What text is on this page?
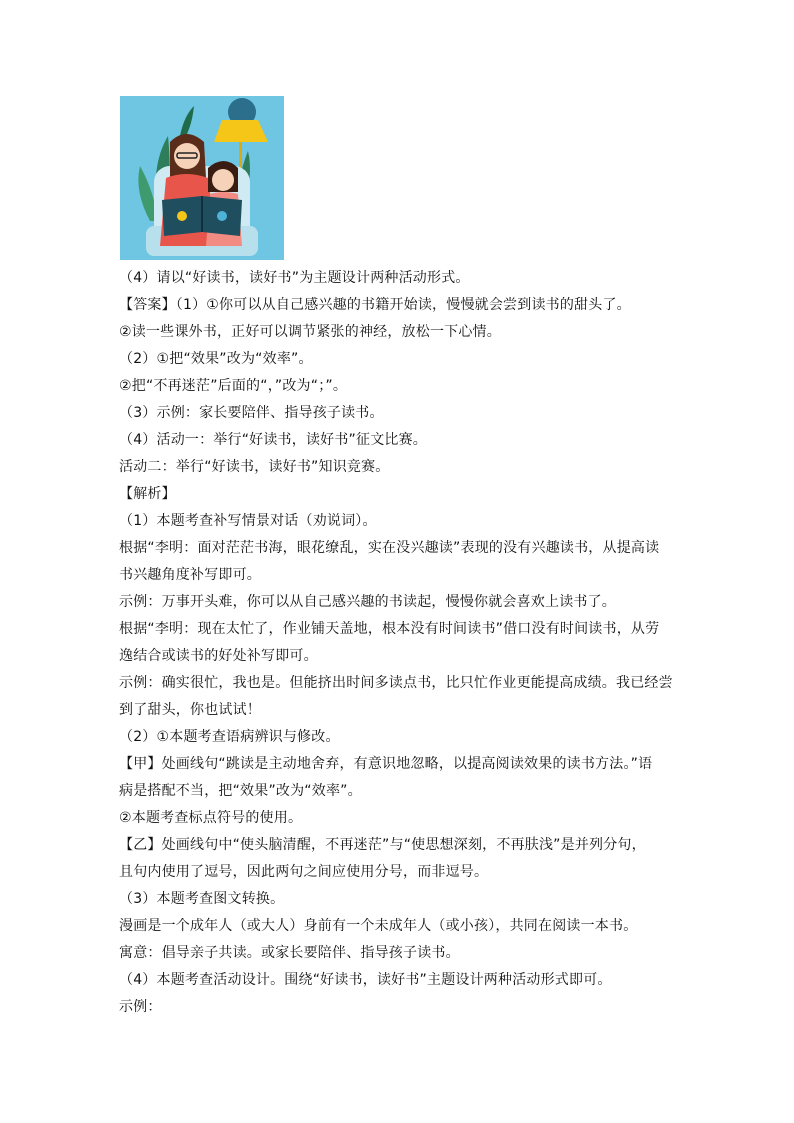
（4）请以“好读书，读好书”为主题设计两种活动形式。
【答案】（1）①你可以从自己感兴趣的书籍开始读，慢慢就会尝到读书的甜头了。
②读一些课外书，正好可以调节紧张的神经，放松一下心情。
（2）①把“效果”改为“效率”。
②把“不再迷茫”后面的“，”改为“；”。
（3）示例：家长要陪伴、指导孩子读书。
（4）活动一：举行“好读书，读好书”征文比赛。
活动二：举行“好读书，读好书”知识竞赛。
【解析】
（1）本题考查补写情景对话（劝说词）。
根据“李明：面对茫茫书海，眼花缭乱，实在没兴趣读”表现的没有兴趣读书，从提高读
书兴趣角度补写即可。
示例：万事开头难，你可以从自己感兴趣的书读起，慢慢你就会喜欢上读书了。
根据“李明：现在太忙了，作业铺天盖地，根本没有时间读书”借口没有时间读书，从劳
逸结合或读书的好处补写即可。
示例：确实很忙，我也是。但能挤出时间多读点书，比只忙作业更能提高成绩。我已经尝
到了甜头，你也试试！
（2）①本题考查语病辨识与修改。
【甲】处画线句“跳读是主动地舍弃，有意识地忽略，以提高阅读效果的读书方法。”语
病是搭配不当，把“效果”改为“效率”。
②本题考查标点符号的使用。
【乙】处画线句中“使头脑清醒，不再迷茫”与“使思想深刻，不再肤浅”是并列分句，
且句内使用了逗号，因此两句之间应使用分号，而非逗号。
（3）本题考查图文转换。
漫画是一个成年人（或大人）身前有一个未成年人（或小孩），共同在阅读一本书。
寓意：倡导亲子共读。或家长要陪伴、指导孩子读书。
（4）本题考查活动设计。围绕“好读书，读好书”主题设计两种活动形式即可。
示例：
